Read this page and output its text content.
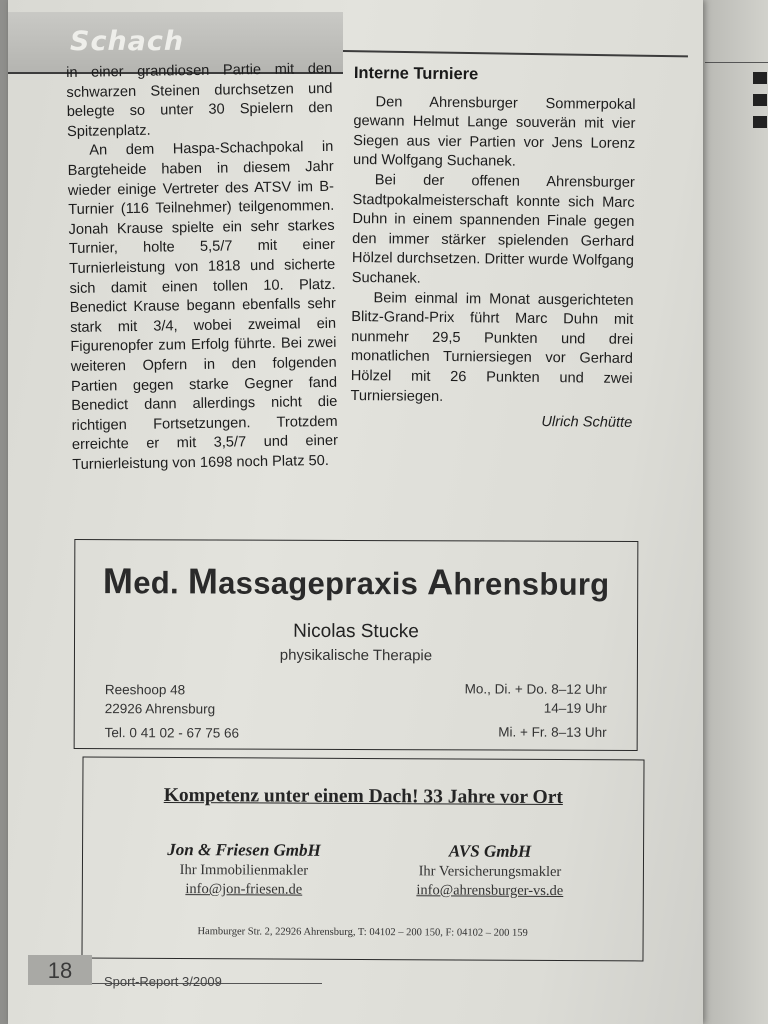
Schach

in einer grandiosen Partie mit den schwarzen Steinen durchsetzen und belegte so unter 30 Spielern den Spitzenplatz.

An dem Haspa-Schachpokal in Bargteheide haben in diesem Jahr wieder einige Vertreter des ATSV im B-Turnier (116 Teilnehmer) teilgenommen. Jonah Krause spielte ein sehr starkes Turnier, holte 5,5/7 mit einer Turnierleistung von 1818 und sicherte sich damit einen tollen 10. Platz. Benedict Krause begann ebenfalls sehr stark mit 3/4, wobei zweimal ein Figurenopfer zum Erfolg führte. Bei zwei weiteren Opfern in den folgenden Partien gegen starke Gegner fand Benedict dann allerdings nicht die richtigen Fortsetzungen. Trotzdem erreichte er mit 3,5/7 und einer Turnierleistung von 1698 noch Platz 50.

Interne Turniere

Den Ahrensburger Sommerpokal gewann Helmut Lange souverän mit vier Siegen aus vier Partien vor Jens Lorenz und Wolfgang Suchanek.

Bei der offenen Ahrensburger Stadtpokalmeisterschaft konnte sich Marc Duhn in einem spannenden Finale gegen den immer stärker spielenden Gerhard Hölzel durchsetzen. Dritter wurde Wolfgang Suchanek.

Beim einmal im Monat ausgerichteten Blitz-Grand-Prix führt Marc Duhn mit nunmehr 29,5 Punkten und drei monatlichen Turniersiegen vor Gerhard Hölzel mit 26 Punkten und zwei Turniersiegen.

Ulrich Schütte

Med. Massagepraxis Ahrensburg
Nicolas Stucke
physikalische Therapie
Reeshoop 48
22926 Ahrensburg
Tel. 0 41 02 - 67 75 66
Mo., Di. + Do. 8–12 Uhr
14–19 Uhr
Mi. + Fr. 8–13 Uhr
Kompetenz unter einem Dach! 33 Jahre vor Ort
Jon & Friesen GmbH
Ihr Immobilienmakler
info@jon-friesen.de
AVS GmbH
Ihr Versicherungsmakler
info@ahrensburger-vs.de
Hamburger Str. 2, 22926 Ahrensburg, T: 04102 – 200 150, F: 04102 – 200 159
18	Sport-Report 3/2009
